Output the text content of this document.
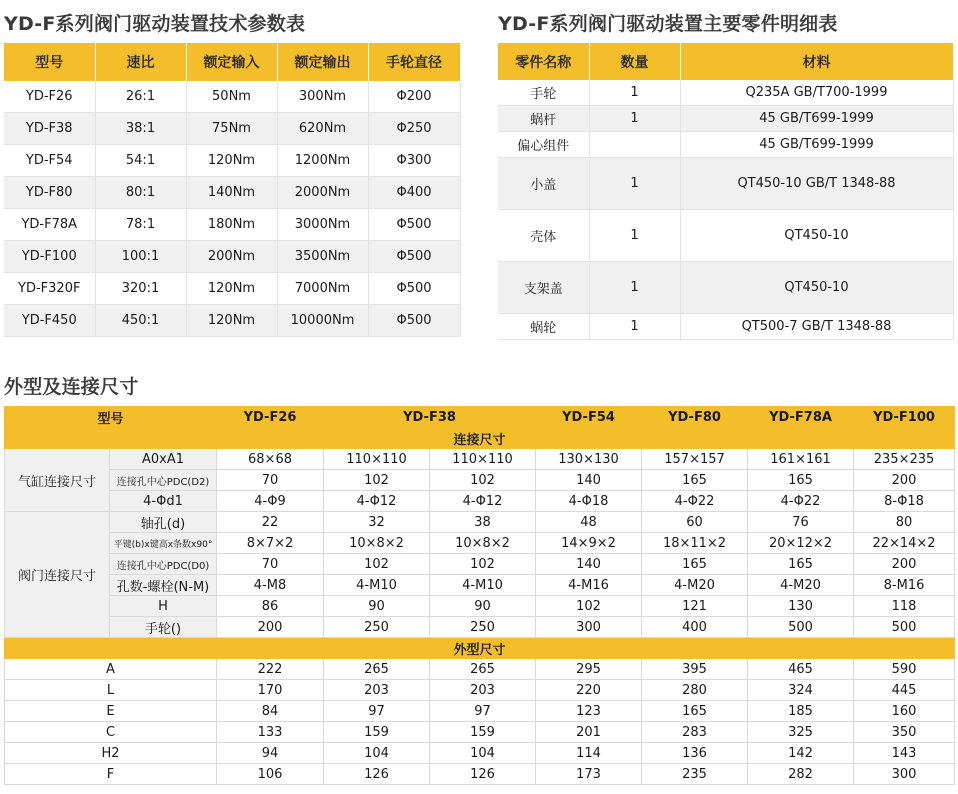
YD-F系列阀门驱动装置技术参数表	YD-F系列阀门驱动装置主要零件明细表
外型及连接尺寸
型号	速比	额定输入	额定输出	手轮直径
YD-F26	26:1	50Nm	300Nm	Φ200
YD-F38	38:1	75Nm	620Nm	Φ250
YD-F54	54:1	120Nm	1200Nm	Φ300
YD-F80	80:1	140Nm	2000Nm	Φ400
YD-F78A	78:1	180Nm	3000Nm	Φ500
YD-F100	100:1	200Nm	3500Nm	Φ500
YD-F320F	320:1	120Nm	7000Nm	Φ500
YD-F450	450:1	120Nm	10000Nm	Φ500
零件名称	数量	材料
手轮	1	Q235A GB/T700-1999
蜗杆	1	45 GB/T699-1999
偏心组件		45 GB/T699-1999
小盖	1	QT450-10 GB/T 1348-88
壳体	1	QT450-10
支架盖	1	QT450-10
蜗轮	1	QT500-7 GB/T 1348-88
型号		YD-F26	YD-F38		YD-F54	YD-F80	YD-F78A	YD-F100
连接尺寸								
气缸连接尺寸	A0xA1	68×68	110×110	110×110	130×130	157×157	161×161	235×235
	连接孔中心PDC(D2)	70	102	102	140	165	165	200
	4-Φd1	4-Φ9	4-Φ12	4-Φ12	4-Φ18	4-Φ22	4-Φ22	8-Φ18
阀门连接尺寸	轴孔(d)	22	32	38	48	60	76	80
	平键(b)x键高x条数x90°	8×7×2	10×8×2	10×8×2	14×9×2	18×11×2	20×12×2	22×14×2
	连接孔中心PDC(D0)	70	102	102	140	165	165	200
	孔数-螺栓(N-M)	4-M8	4-M10	4-M10	4-M16	4-M20	4-M20	8-M16
	H	86	90	90	102	121	130	118
	手轮()	200	250	250	300	400	500	500
外型尺寸								
A		222	265	265	295	395	465	590
L		170	203	203	220	280	324	445
E		84	97	97	123	165	185	160
C		133	159	159	201	283	325	350
H2		94	104	104	114	136	142	143
F		106	126	126	173	235	282	300
